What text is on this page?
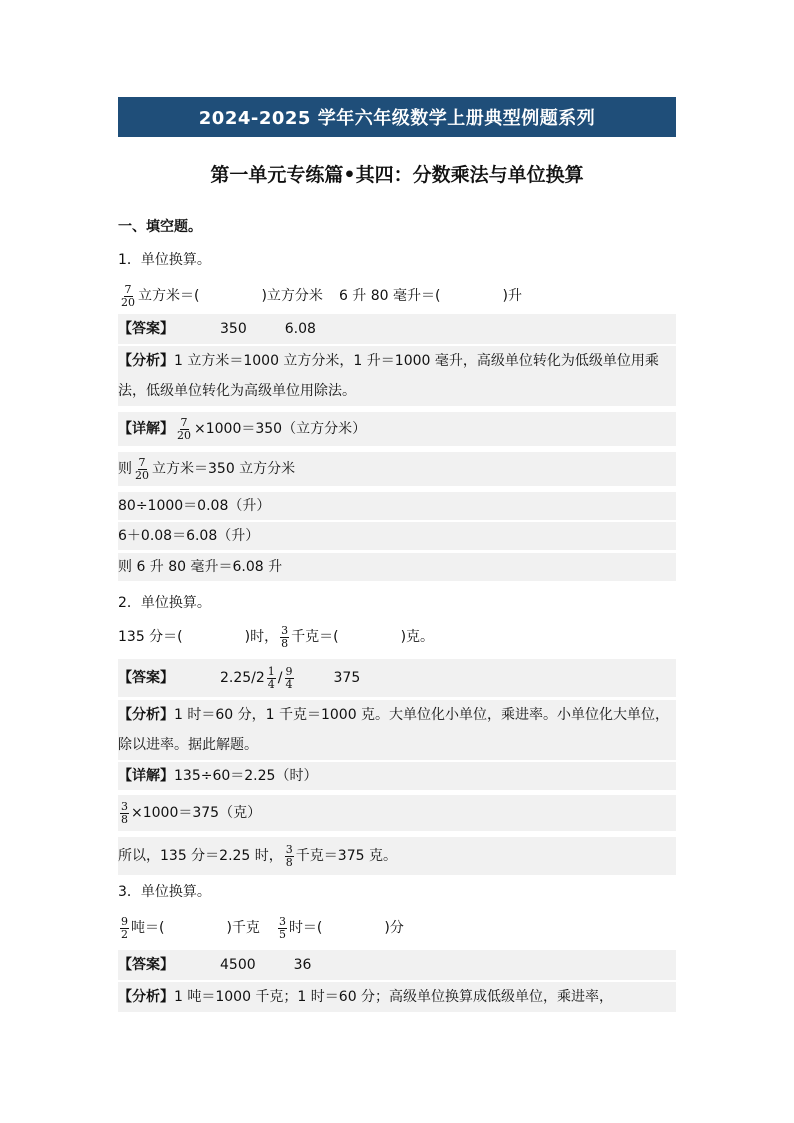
2024-2025 学年六年级数学上册典型例题系列
第一单元专练篇•其四：分数乘法与单位换算
一、填空题。
1．单位换算。
$\frac{7}{20}$ 立方米＝(	)立方分米 6 升 80 毫升＝(	)升
【答案】	350	6.08
【分析】1 立方米＝1000 立方分米，1 升＝1000 毫升，高级单位转化为低级单位用乘法，低级单位转化为高级单位用除法。
【详解】 $\frac{7}{20} \times 1000=350$（立方分米）
则 $\frac{7}{20}$ 立方米＝350 立方分米
80÷1000＝0.08（升）
6＋0.08＝6.08（升）
则 6 升 80 毫升＝6.08 升
2．单位换算。
135 分＝(	)时， $\frac{3}{8}$ 千克＝(	)克。
【答案】	$2.25/2 \frac{1}{4} / \frac{9}{4}$	375
【分析】1 时＝60 分，1 千克＝1000 克。大单位化小单位，乘进率。小单位化大单位，除以进率。据此解题。
【详解】135÷60＝2.25（时）
$\frac{3}{8} \times 1000=375$（克）
所以，135 分＝2.25 时， $\frac{3}{8}$ 千克＝375 克。
3．单位换算。
$\frac{9}{2}$ 吨＝(	)千克 $\frac{3}{5}$ 时＝(	)分
【答案】	4500	36
【分析】1 吨＝1000 千克；1 时＝60 分；高级单位换算成低级单位，乘进率，
